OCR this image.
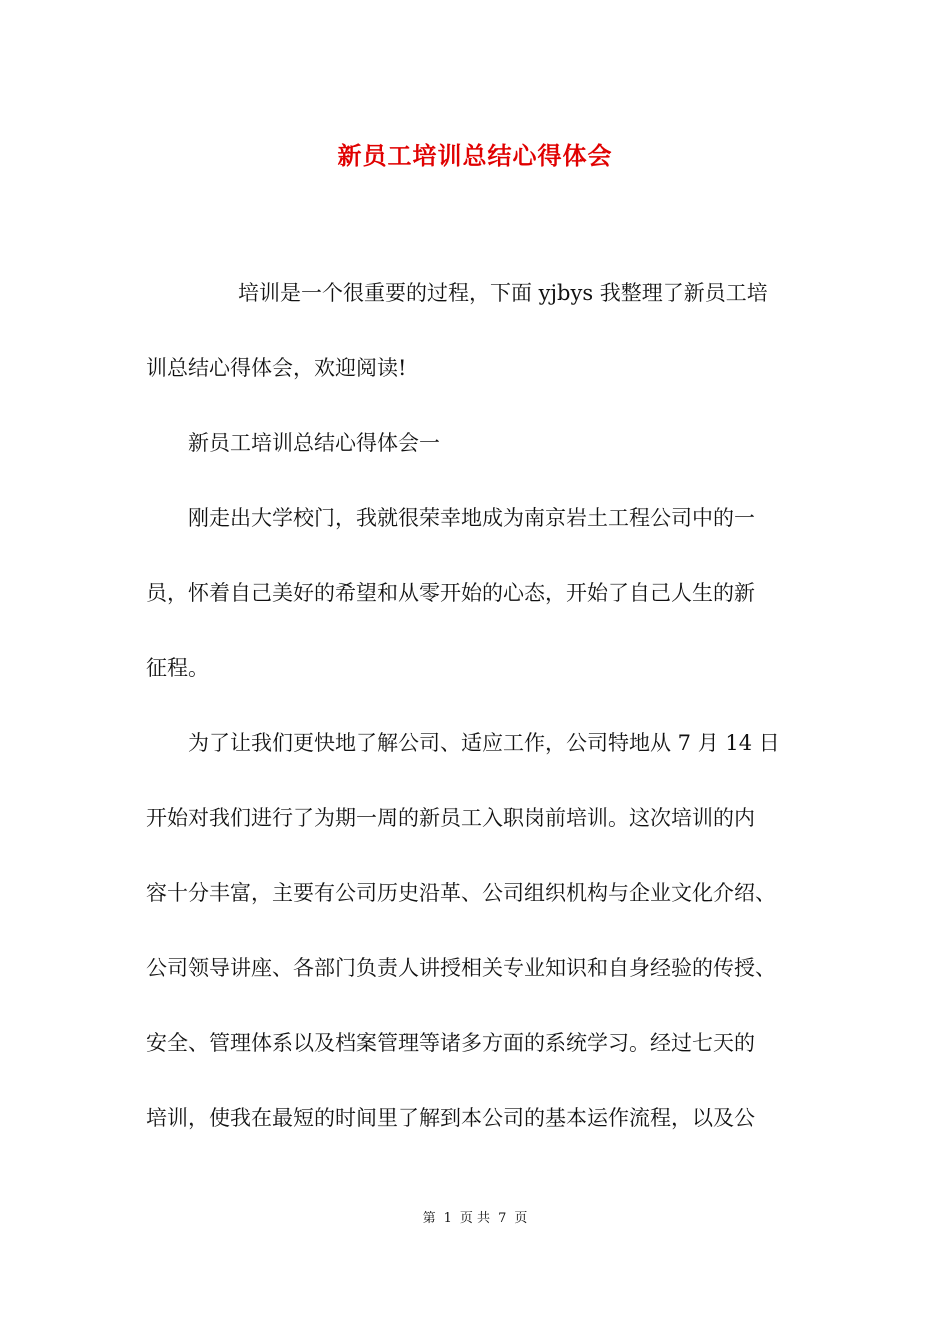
新员工培训总结心得体会
培训是一个很重要的过程，下面 yjbys 我整理了新员工培
训总结心得体会，欢迎阅读!
新员工培训总结心得体会一
刚走出大学校门，我就很荣幸地成为南京岩土工程公司中的一
员，怀着自己美好的希望和从零开始的心态，开始了自己人生的新
征程。
为了让我们更快地了解公司、适应工作，公司特地从 7 月 14 日
开始对我们进行了为期一周的新员工入职岗前培训。这次培训的内
容十分丰富，主要有公司历史沿革、公司组织机构与企业文化介绍、
公司领导讲座、各部门负责人讲授相关专业知识和自身经验的传授、
安全、管理体系以及档案管理等诸多方面的系统学习。经过七天的
培训，使我在最短的时间里了解到本公司的基本运作流程，以及公
第 1 页 共 7 页
